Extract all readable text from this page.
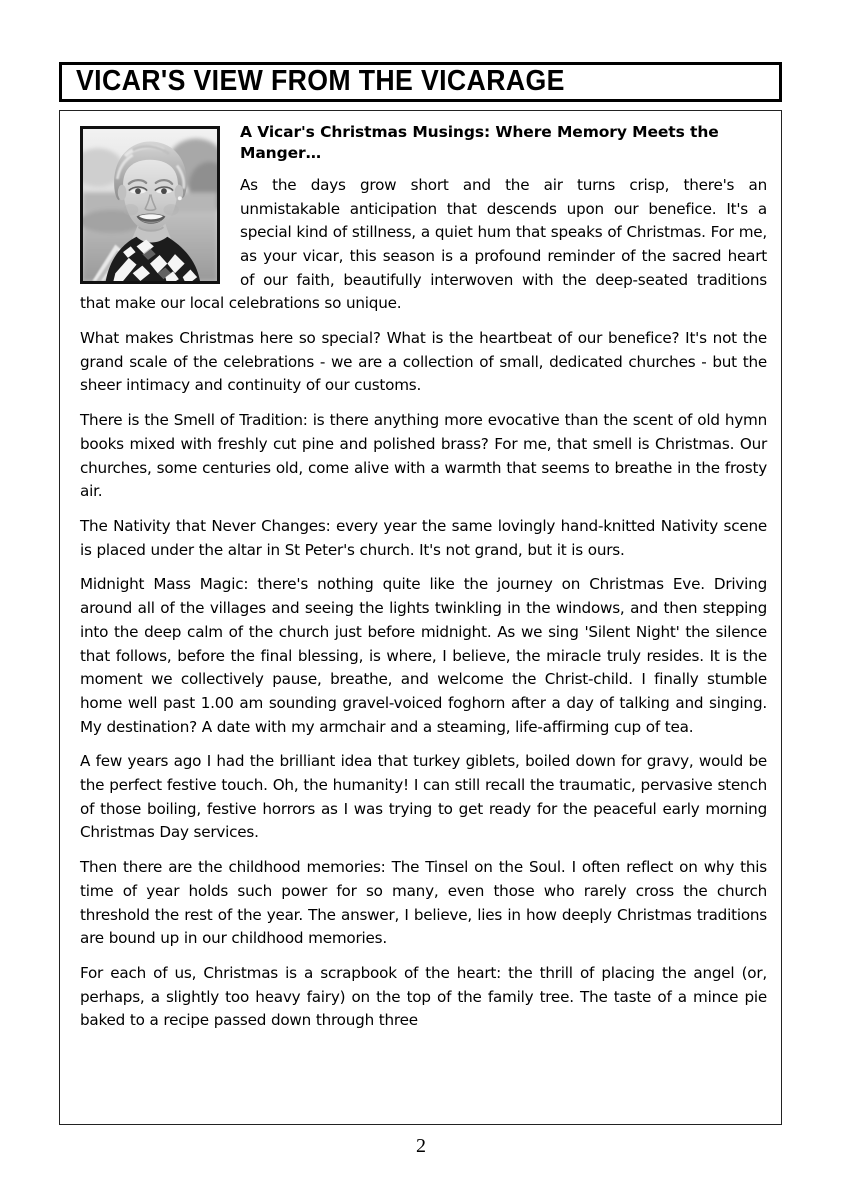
VICAR'S VIEW FROM THE VICARAGE
A Vicar's Christmas Musings: Where Memory Meets the Manger…

As the days grow short and the air turns crisp, there's an unmistakable anticipation that descends upon our benefice. It's a special kind of stillness, a quiet hum that speaks of Christmas. For me, as your vicar, this season is a profound reminder of the sacred heart of our faith, beautifully interwoven with the deep-seated traditions that make our local celebrations so unique.

What makes Christmas here so special? What is the heartbeat of our benefice? It's not the grand scale of the celebrations - we are a collection of small, dedicated churches - but the sheer intimacy and continuity of our customs.

There is the Smell of Tradition: is there anything more evocative than the scent of old hymn books mixed with freshly cut pine and polished brass? For me, that smell is Christmas. Our churches, some centuries old, come alive with a warmth that seems to breathe in the frosty air.

The Nativity that Never Changes: every year the same lovingly hand-knitted Nativity scene is placed under the altar in St Peter's church. It's not grand, but it is ours.

Midnight Mass Magic: there's nothing quite like the journey on Christmas Eve. Driving around all of the villages and seeing the lights twinkling in the windows, and then stepping into the deep calm of the church just before midnight. As we sing 'Silent Night' the silence that follows, before the final blessing, is where, I believe, the miracle truly resides. It is the moment we collectively pause, breathe, and welcome the Christ-child. I finally stumble home well past 1.00 am sounding gravel-voiced foghorn after a day of talking and singing. My destination? A date with my armchair and a steaming, life-affirming cup of tea.

A few years ago I had the brilliant idea that turkey giblets, boiled down for gravy, would be the perfect festive touch. Oh, the humanity! I can still recall the traumatic, pervasive stench of those boiling, festive horrors as I was trying to get ready for the peaceful early morning Christmas Day services.

Then there are the childhood memories: The Tinsel on the Soul. I often reflect on why this time of year holds such power for so many, even those who rarely cross the church threshold the rest of the year. The answer, I believe, lies in how deeply Christmas traditions are bound up in our childhood memories.

For each of us, Christmas is a scrapbook of the heart: the thrill of placing the angel (or, perhaps, a slightly too heavy fairy) on the top of the family tree. The taste of a mince pie baked to a recipe passed down through three

2
